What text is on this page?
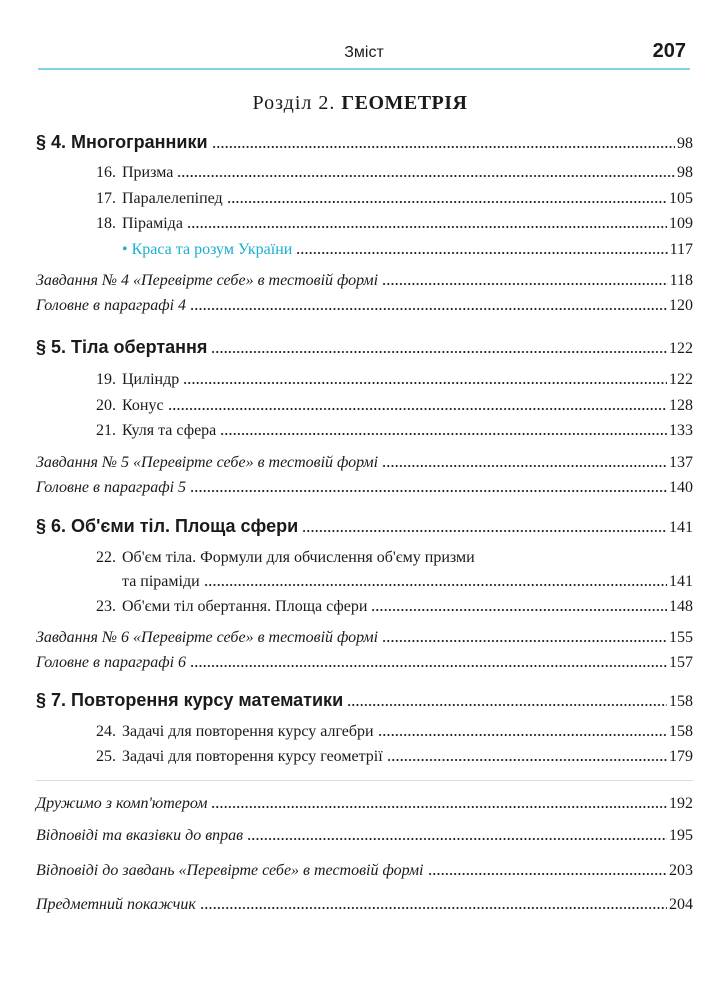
Зміст	207
Розділ 2. ГЕОМЕТРІЯ
§ 4. Многогранники	98
16. Призма	98
17. Паралелепіпед	105
18. Піраміда	109
• Краса та розум України	117
Завдання № 4 «Перевірте себе» в тестовій формі	118
Головне в параграфі 4	120
§ 5. Тіла обертання	122
19. Циліндр	122
20. Конус	128
21. Куля та сфера	133
Завдання № 5 «Перевірте себе» в тестовій формі	137
Головне в параграфі 5	140
§ 6. Об'єми тіл. Площа сфери	141
22. Об'єм тіла. Формули для обчислення об'єму призми
та піраміди	141
23. Об'єми тіл обертання. Площа сфери	148
Завдання № 6 «Перевірте себе» в тестовій формі	155
Головне в параграфі 6	157
§ 7. Повторення курсу математики	158
24. Задачі для повторення курсу алгебри	158
25. Задачі для повторення курсу геометрії	179
Дружимо з комп'ютером	192
Відповіді та вказівки до вправ	195
Відповіді до завдань «Перевірте себе» в тестовій формі	203
Предметний покажчик	204
